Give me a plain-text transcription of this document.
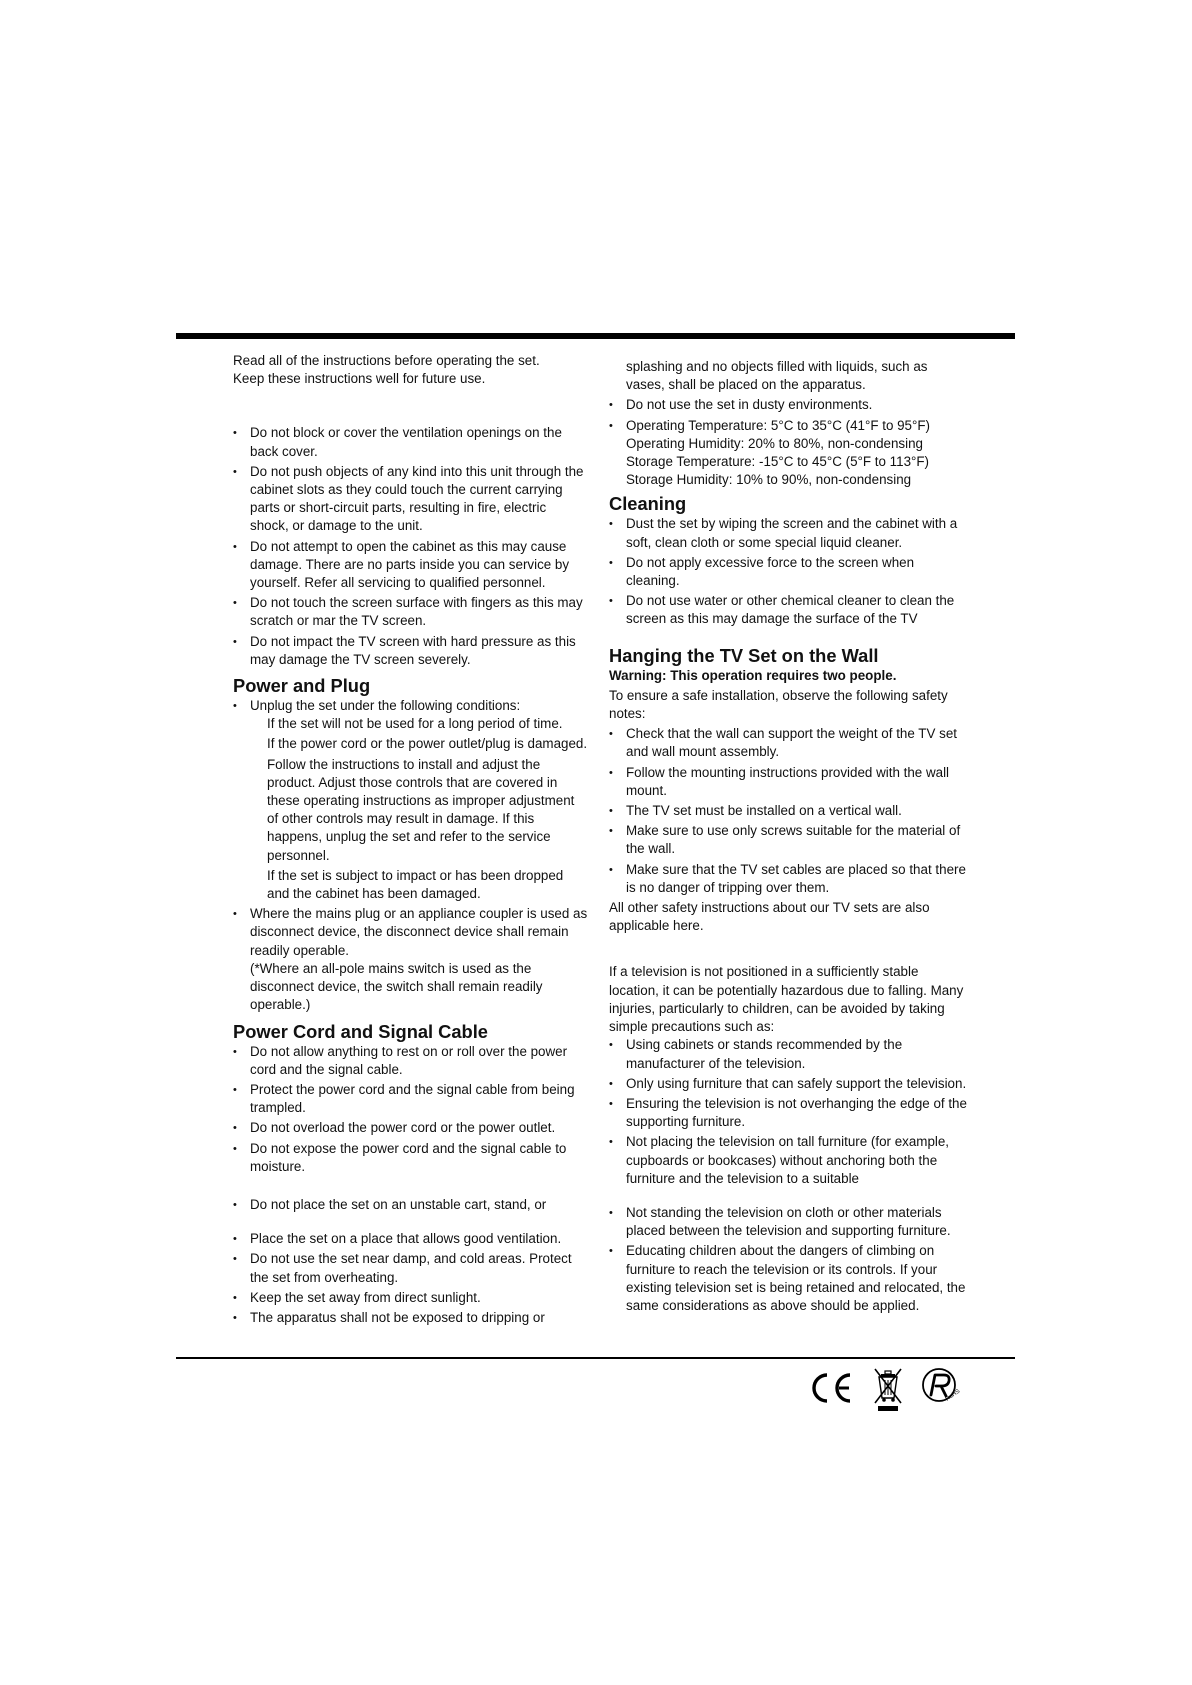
Read all of the instructions before operating the set.

Keep these instructions well for future use.

• Do not block or cover the ventilation openings on the back cover.
• Do not push objects of any kind into this unit through the cabinet slots as they could touch the current carrying parts or short-circuit parts, resulting in fire, electric shock, or damage to the unit.
• Do not attempt to open the cabinet as this may cause damage. There are no parts inside you can service by yourself. Refer all servicing to qualified personnel.
• Do not touch the screen surface with fingers as this may scratch or mar the TV screen.
• Do not impact the TV screen with hard pressure as this may damage the TV screen severely.
Power and Plug
• Unplug the set under the following conditions:

If the set will not be used for a long period of time.

If the power cord or the power outlet/plug is damaged.

Follow the instructions to install and adjust the product. Adjust those controls that are covered in these operating instructions as improper adjustment of other controls may result in damage. If this happens, unplug the set and refer to the service personnel.

If the set is subject to impact or has been dropped and the cabinet has been damaged.

• Where the mains plug or an appliance coupler is used as disconnect device, the disconnect device shall remain readily operable.

(*Where an all-pole mains switch is used as the disconnect device, the switch shall remain readily operable.)

Power Cord and Signal Cable
• Do not allow anything to rest on or roll over the power cord and the signal cable.
• Protect the power cord and the signal cable from being trampled.
• Do not overload the power cord or the power outlet.
• Do not expose the power cord and the signal cable to moisture.
• Do not place the set on an unstable cart, stand, or
• Place the set on a place that allows good ventilation.
• Do not use the set near damp, and cold areas. Protect the set from overheating.
• Keep the set away from direct sunlight.
• The apparatus shall not be exposed to dripping or

splashing and no objects filled with liquids, such as vases, shall be placed on the apparatus.

• Do not use the set in dusty environments.

• Operating Temperature: 5°C to 35°C (41°F to 95°F)

Operating Humidity: 20% to 80%, non-condensing

Storage Temperature: -15°C to 45°C (5°F to 113°F)

Storage Humidity: 10% to 90%, non-condensing

Cleaning
• Dust the set by wiping the screen and the cabinet with a soft, clean cloth or some special liquid cleaner.
• Do not apply excessive force to the screen when cleaning.
• Do not use water or other chemical cleaner to clean the screen as this may damage the surface of the TV
Hanging the TV Set on the Wall

Warning: This operation requires two people.

To ensure a safe installation, observe the following safety notes:

• Check that the wall can support the weight of the TV set and wall mount assembly.
• Follow the mounting instructions provided with the wall mount.
• The TV set must be installed on a vertical wall.
• Make sure to use only screws suitable for the material of the wall.
• Make sure that the TV set cables are placed so that there is no danger of tripping over them.

All other safety instructions about our TV sets are also applicable here.

If a television is not positioned in a sufficiently stable location, it can be potentially hazardous due to falling. Many injuries, particularly to children, can be avoided by taking simple precautions such as:

• Using cabinets or stands recommended by the manufacturer of the television.
• Only using furniture that can safely support the television.
• Ensuring the television is not overhanging the edge of the supporting furniture.
• Not placing the television on tall furniture (for example, cupboards or bookcases) without anchoring both the furniture and the television to a suitable
• Not standing the television on cloth or other materials placed between the television and supporting furniture.
• Educating children about the dangers of climbing on furniture to reach the television or its controls. If your existing television set is being retained and relocated, the same considerations as above should be applied.
RoHS
